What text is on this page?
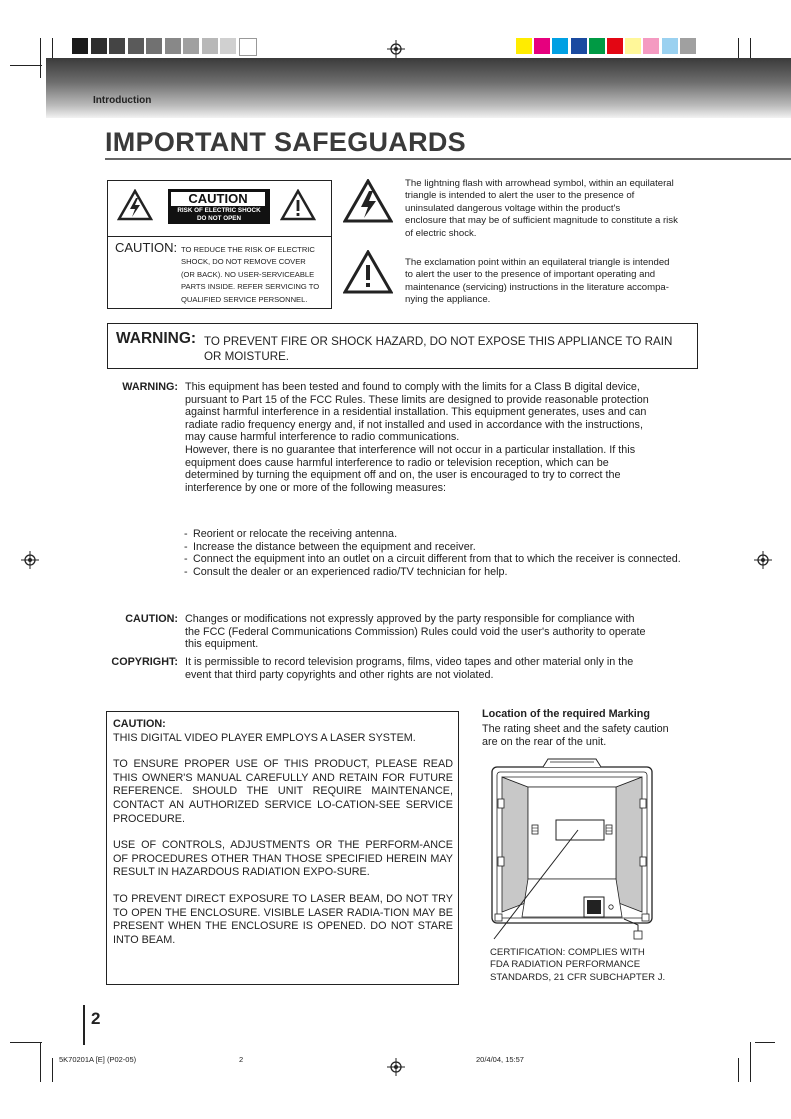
Introduction
IMPORTANT SAFEGUARDS
CAUTION
RISK OF ELECTRIC SHOCK
DO NOT OPEN
CAUTION: TO REDUCE THE RISK OF ELECTRIC
SHOCK, DO NOT REMOVE COVER
(OR BACK). NO USER-SERVICEABLE
PARTS INSIDE. REFER SERVICING TO
QUALIFIED SERVICE PERSONNEL.
The lightning flash with arrowhead symbol, within an equilateral
triangle is intended to alert the user to the presence of
uninsulated dangerous voltage within the product's
enclosure that may be of sufficient magnitude to constitute a risk
of electric shock.
The exclamation point within an equilateral triangle is intended
to alert the user to the presence of important operating and
maintenance (servicing) instructions in the literature accompa-
nying the appliance.
WARNING: TO PREVENT FIRE OR SHOCK HAZARD, DO NOT EXPOSE THIS APPLIANCE TO RAIN
OR MOISTURE.
WARNING: This equipment has been tested and found to comply with the limits for a Class B digital device,
pursuant to Part 15 of the FCC Rules. These limits are designed to provide reasonable protection
against harmful interference in a residential installation. This equipment generates, uses and can
radiate radio frequency energy and, if not installed and used in accordance with the instructions,
may cause harmful interference to radio communications.
However, there is no guarantee that interference will not occur in a particular installation. If this
equipment does cause harmful interference to radio or television reception, which can be
determined by turning the equipment off and on, the user is encouraged to try to correct the
interference by one or more of the following measures:
- Reorient or relocate the receiving antenna.
- Increase the distance between the equipment and receiver.
- Connect the equipment into an outlet on a circuit different from that to which the receiver is connected.
- Consult the dealer or an experienced radio/TV technician for help.
CAUTION: Changes or modifications not expressly approved by the party responsible for compliance with
the FCC (Federal Communications Commission) Rules could void the user's authority to operate
this equipment.
COPYRIGHT: It is permissible to record television programs, films, video tapes and other material only in the
event that third party copyrights and other rights are not violated.
CAUTION:
THIS DIGITAL VIDEO PLAYER EMPLOYS A LASER SYSTEM.
TO ENSURE PROPER USE OF THIS PRODUCT, PLEASE READ THIS OWNER'S MANUAL CAREFULLY AND RETAIN FOR FUTURE REFERENCE. SHOULD THE UNIT REQUIRE MAINTENANCE, CONTACT AN AUTHORIZED SERVICE LO-CATION-SEE SERVICE PROCEDURE.
USE OF CONTROLS, ADJUSTMENTS OR THE PERFORM-ANCE OF PROCEDURES OTHER THAN THOSE SPECIFIED HEREIN MAY RESULT IN HAZARDOUS RADIATION EXPO-SURE.
TO PREVENT DIRECT EXPOSURE TO LASER BEAM, DO NOT TRY TO OPEN THE ENCLOSURE. VISIBLE LASER RADIA-TION MAY BE PRESENT WHEN THE ENCLOSURE IS OPENED. DO NOT STARE INTO BEAM.
Location of the required Marking
The rating sheet and the safety caution
are on the rear of the unit.
CERTIFICATION: COMPLIES WITH
FDA RADIATION PERFORMANCE
STANDARDS, 21 CFR SUBCHAPTER J.
2
5K70201A [E] (P02-05)	2	20/4/04, 15:57
